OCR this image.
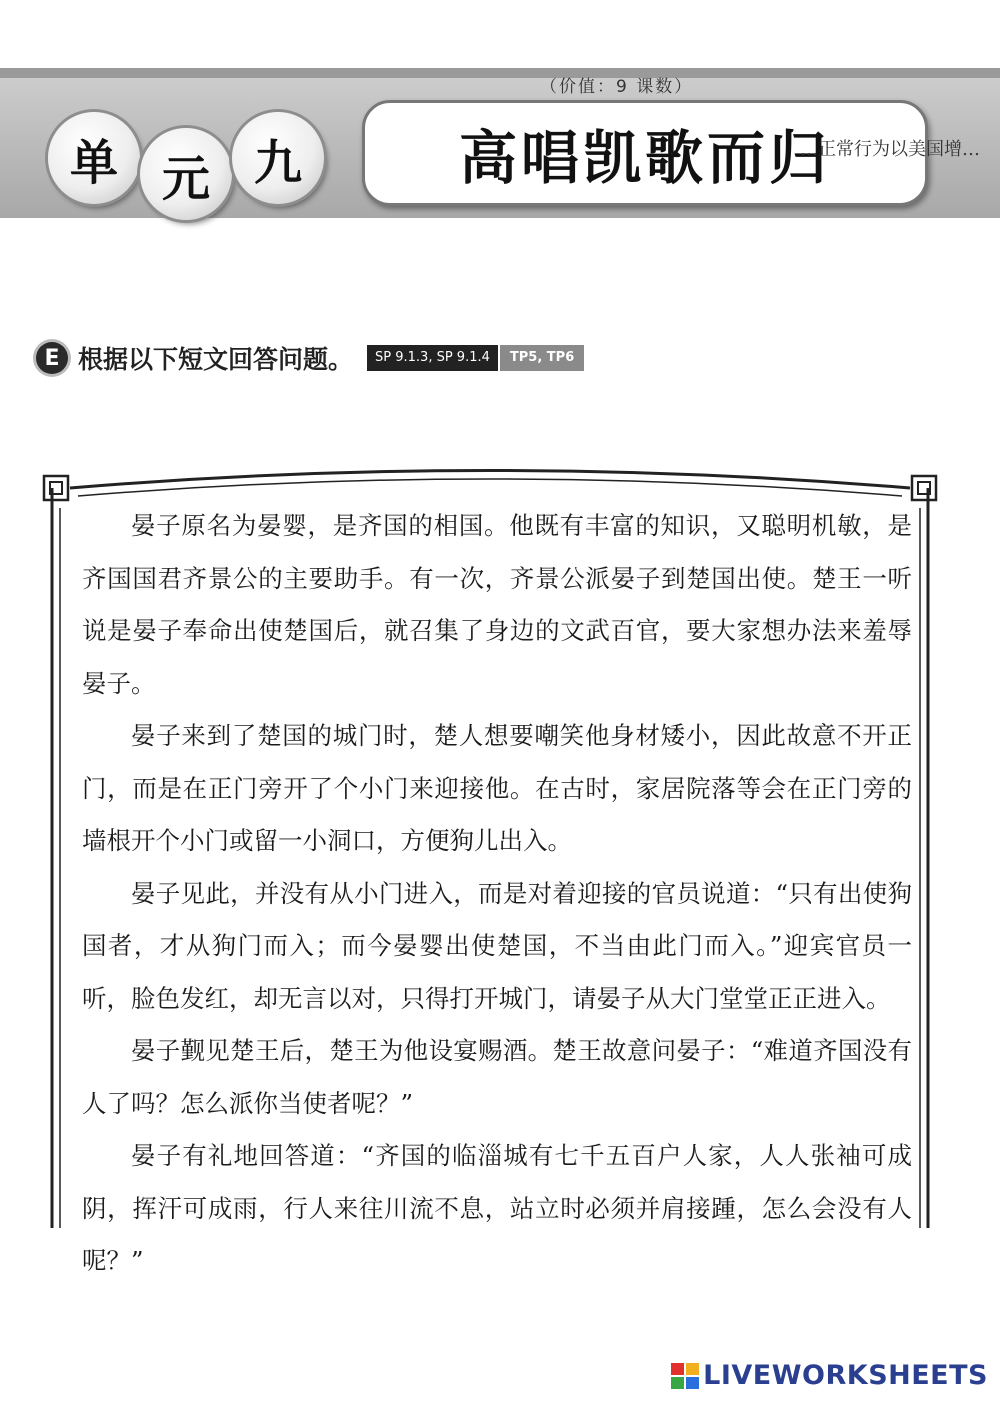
（价值：9 课数）
单 元 九	高唱凯歌而归
…正常行为以美国增…
E 根据以下短文回答问题。	SP 9.1.3, SP 9.1.4	TP5, TP6

晏子原名为晏婴，是齐国的相国。他既有丰富的知识，又聪明机敏，是齐国国君齐景公的主要助手。有一次，齐景公派晏子到楚国出使。楚王一听说是晏子奉命出使楚国后，就召集了身边的文武百官，要大家想办法来羞辱晏子。

晏子来到了楚国的城门时，楚人想要嘲笑他身材矮小，因此故意不开正门，而是在正门旁开了个小门来迎接他。在古时，家居院落等会在正门旁的墙根开个小门或留一小洞口，方便狗儿出入。

晏子见此，并没有从小门进入，而是对着迎接的官员说道：“只有出使狗国者，才从狗门而入；而今晏婴出使楚国，不当由此门而入。”迎宾官员一听，脸色发红，却无言以对，只得打开城门，请晏子从大门堂堂正正进入。

晏子觐见楚王后，楚王为他设宴赐酒。楚王故意问晏子：“难道齐国没有人了吗？怎么派你当使者呢？”

晏子有礼地回答道：“齐国的临淄城有七千五百户人家，人人张袖可成阴，挥汗可成雨，行人来往川流不息，站立时必须并肩接踵，怎么会没有人呢？”

LIVEWORKSHEETS
